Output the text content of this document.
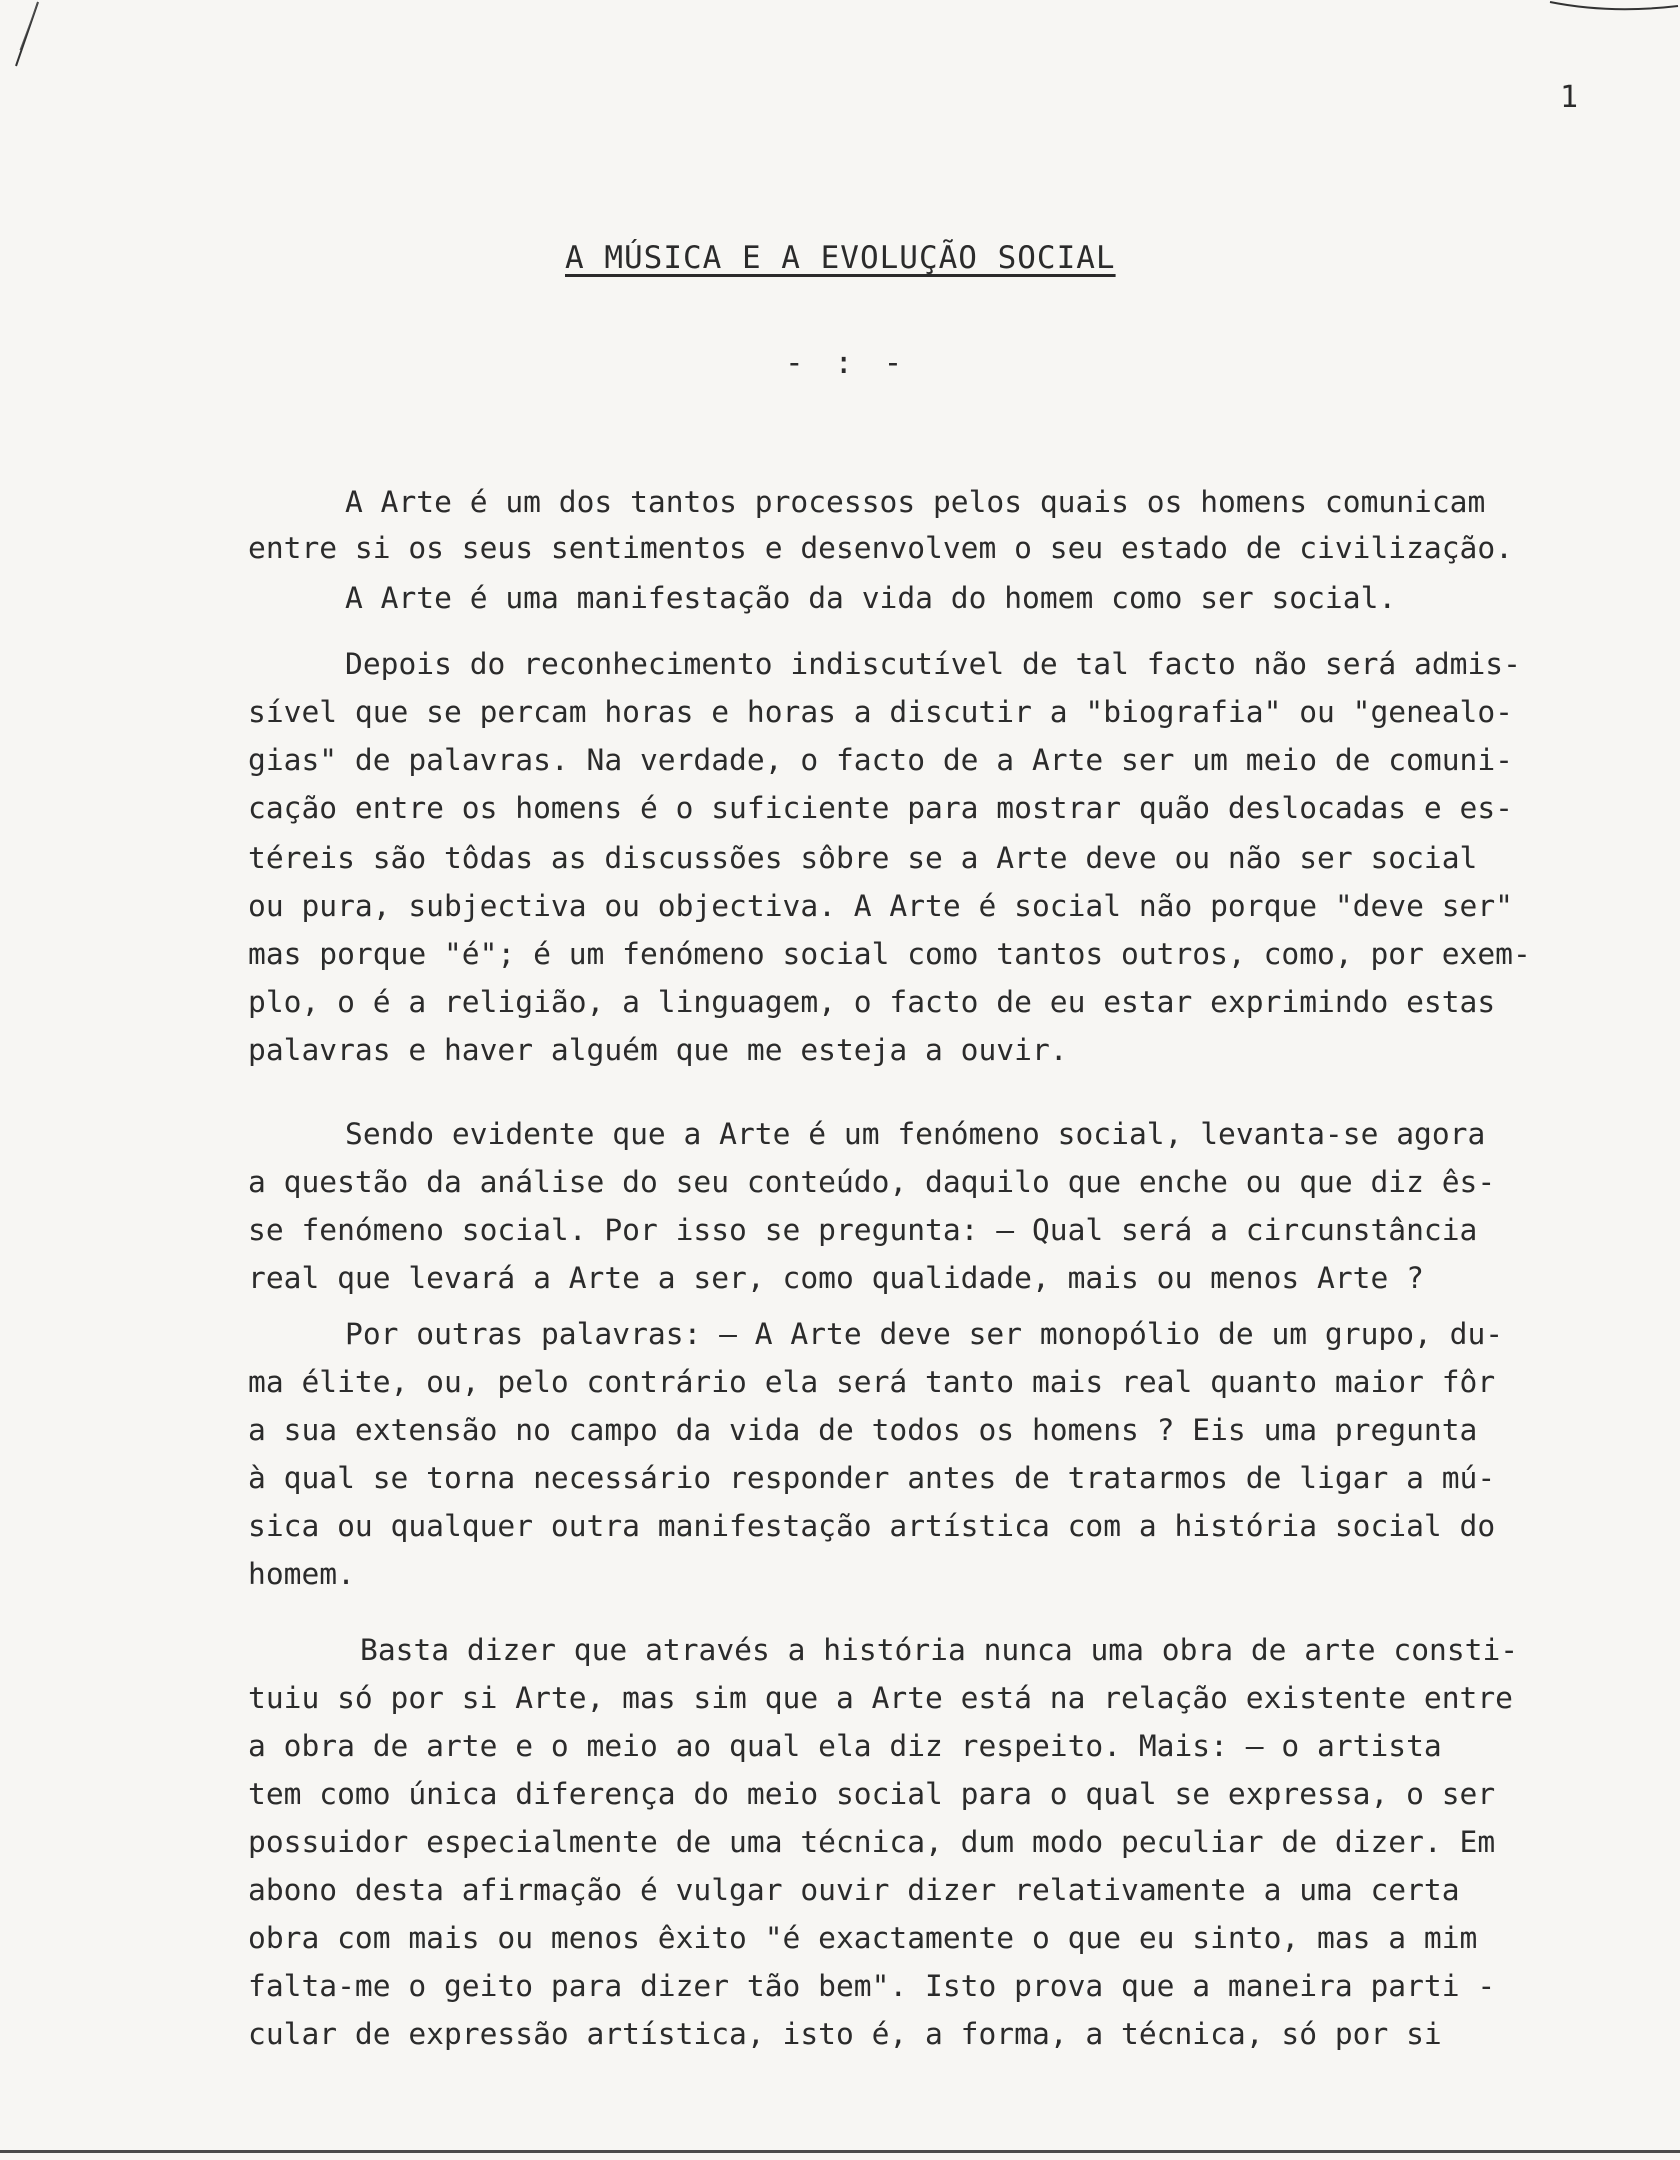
1
A MÚSICA E A EVOLUÇÃO SOCIAL
- : -
A Arte é um dos tantos processos pelos quais os homens comunicam
entre si os seus sentimentos e desenvolvem o seu estado de civilização.
A Arte é uma manifestação da vida do homem como ser social.
Depois do reconhecimento indiscutível de tal facto não será admis-
sível que se percam horas e horas a discutir a "biografia" ou "genealo-
gias" de palavras. Na verdade, o facto de a Arte ser um meio de comuni-
cação entre os homens é o suficiente para mostrar quão deslocadas e es-
téreis são tôdas as discussões sôbre se a Arte deve ou não ser social
ou pura, subjectiva ou objectiva. A Arte é social não porque "deve ser"
mas porque "é"; é um fenómeno social como tantos outros, como, por exem-
plo, o é a religião, a linguagem, o facto de eu estar exprimindo estas
palavras e haver alguém que me esteja a ouvir.
Sendo evidente que a Arte é um fenómeno social, levanta-se agora
a questão da análise do seu conteúdo, daquilo que enche ou que diz ês-
se fenómeno social. Por isso se pregunta: — Qual será a circunstância
real que levará a Arte a ser, como qualidade, mais ou menos Arte ?
Por outras palavras: — A Arte deve ser monopólio de um grupo, du-
ma élite, ou, pelo contrário ela será tanto mais real quanto maior fôr
a sua extensão no campo da vida de todos os homens ? Eis uma pregunta
à qual se torna necessário responder antes de tratarmos de ligar a mú-
sica ou qualquer outra manifestação artística com a história social do
homem.
Basta dizer que através a história nunca uma obra de arte consti-
tuiu só por si Arte, mas sim que a Arte está na relação existente entre
a obra de arte e o meio ao qual ela diz respeito. Mais: — o artista
tem como única diferença do meio social para o qual se expressa, o ser
possuidor especialmente de uma técnica, dum modo peculiar de dizer. Em
abono desta afirmação é vulgar ouvir dizer relativamente a uma certa
obra com mais ou menos êxito "é exactamente o que eu sinto, mas a mim
falta-me o geito para dizer tão bem". Isto prova que a maneira parti -
cular de expressão artística, isto é, a forma, a técnica, só por si
